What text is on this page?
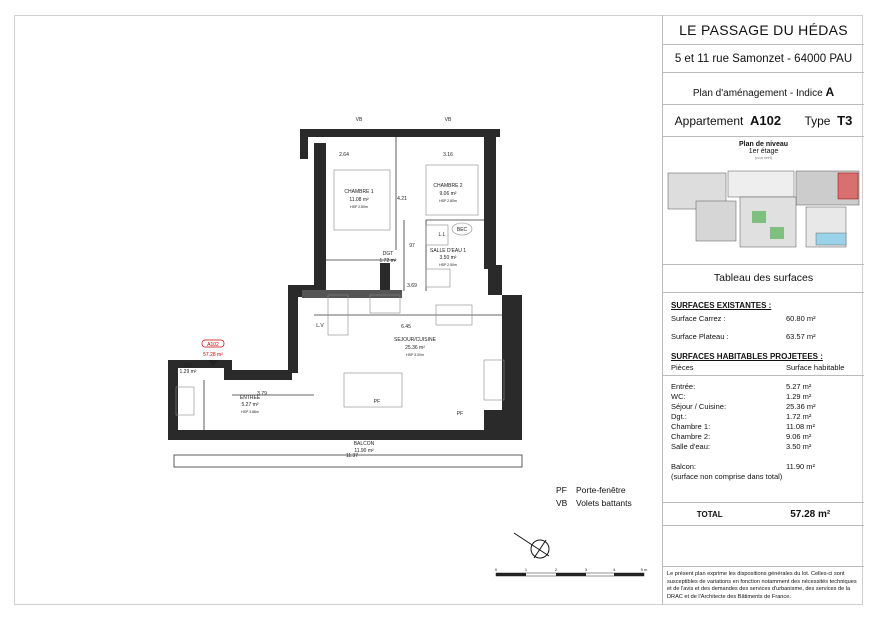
CHAMBRE 1
11.08 m²
HSP 2.80m
CHAMBRE 2
9.06 m²
HSP 2.80m
SEJOUR/CUISINE
25.36 m²
HSP 3.00m
ENTREE
5.27 m²
HSP 3.88m
DGT
1.72 m²
SALLE D'EAU 1
3.50 m²
HSP 2.50m
WC
1.29 m²
BALCON
11.90 m²
2.64	3.16
6.45
11.37
3.79
97
4.21
3.69
VB	VB
PF
PF
L.V
L.L
BEC
A102
57.28 m²
0	1	2	3	4	5 m
PF Porte-fenêtre
VB Volets battants
LE PASSAGE DU HÉDAS
5 et 11 rue Samonzet - 64000 PAU
Plan d'aménagement - Indice A
Appartement A102 Type T3
Plan de niveau
1er étage
(non réel)
Tableau des surfaces
SURFACES EXISTANTES :
Surface Carrez :	60.80 m²
Surface Plateau :	63.57 m²
SURFACES HABITABLES PROJETEES :
Pièces	Surface habitable
Entrée:	5.27 m²
WC:	1.29 m²
Séjour / Cuisine:	25.36 m²
Dgt.:	1.72 m²
Chambre 1:	11.08 m²
Chambre 2:	9.06 m²
Salle d'eau:	3.50 m²
Balcon:	11.90 m²
(surface non comprise dans total)
TOTAL	57.28 m²
Le présent plan exprime les dispositions générales du lot. Celles-ci sont susceptibles de variations en fonction notamment des nécessités techniques et de l'avis et des demandes des services d'urbanisme, des services de la DRAC et de l'Architecte des Bâtiments de France.
